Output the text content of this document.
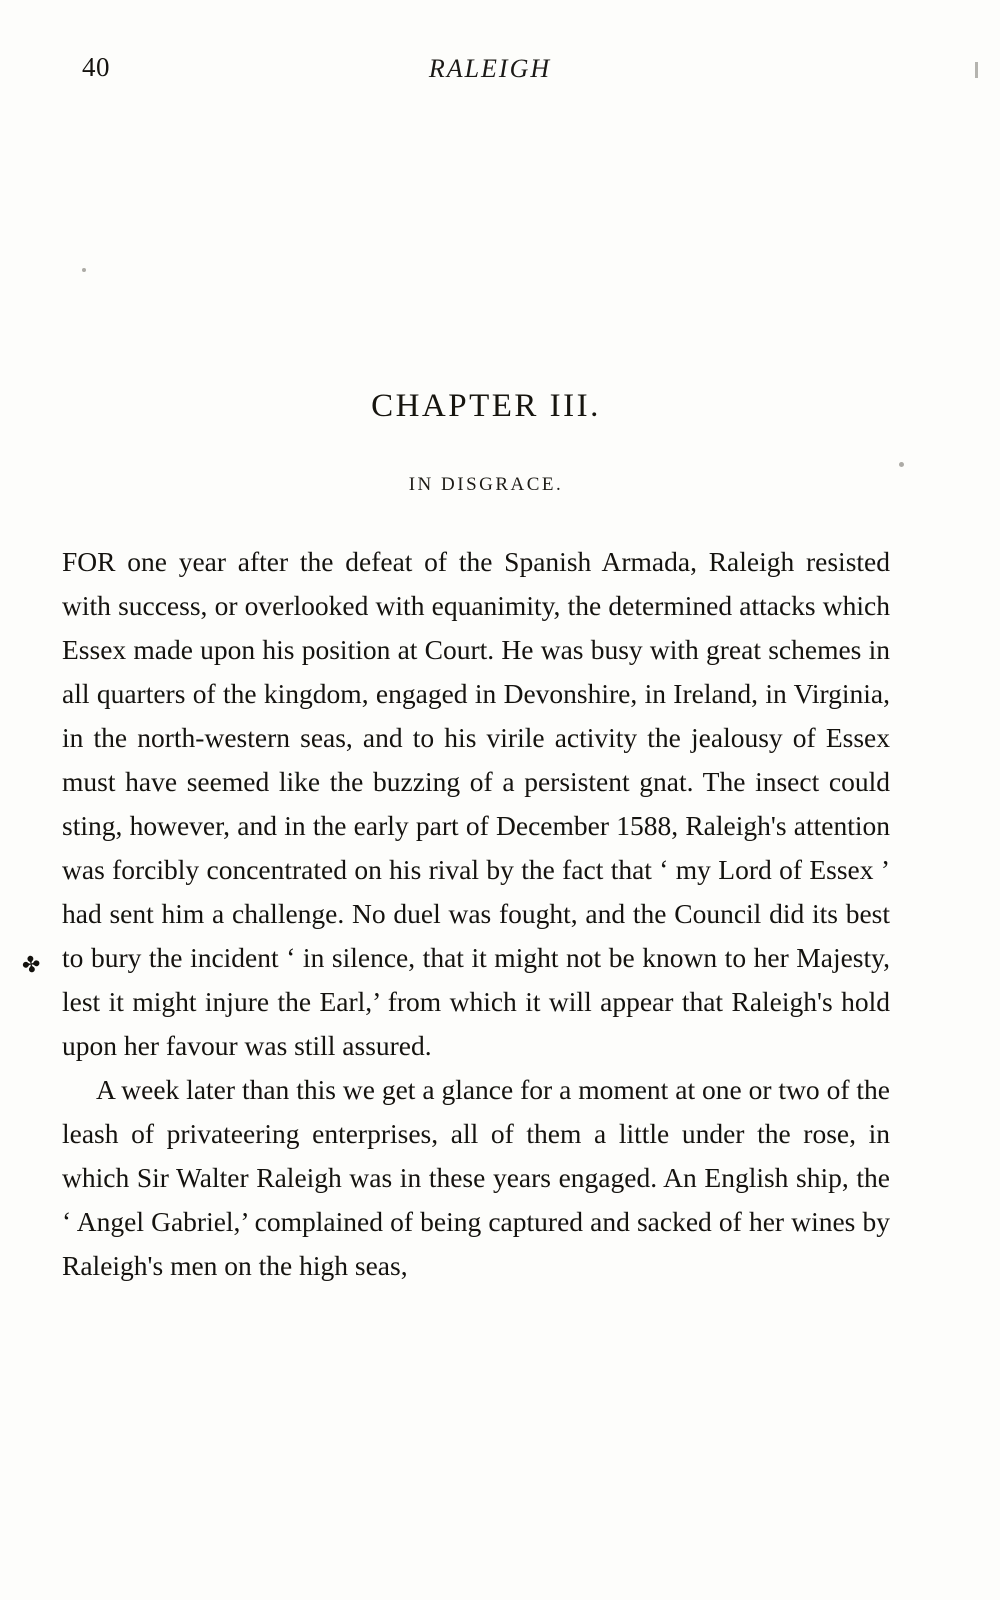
40	RALEIGH
CHAPTER III.
IN DISGRACE.
✤

FOR one year after the defeat of the Spanish Armada, Raleigh resisted with success, or overlooked with equanimity, the determined attacks which Essex made upon his position at Court. He was busy with great schemes in all quarters of the kingdom, engaged in Devonshire, in Ireland, in Virginia, in the north-western seas, and to his virile activity the jealousy of Essex must have seemed like the buzzing of a persistent gnat. The insect could sting, however, and in the early part of December 1588, Raleigh's attention was forcibly concentrated on his rival by the fact that ‘ my Lord of Essex ’ had sent him a challenge. No duel was fought, and the Council did its best to bury the incident ‘ in silence, that it might not be known to her Majesty, lest it might injure the Earl,’ from which it will appear that Raleigh's hold upon her favour was still assured.

A week later than this we get a glance for a moment at one or two of the leash of privateering enterprises, all of them a little under the rose, in which Sir Walter Raleigh was in these years engaged. An English ship, the ‘ Angel Gabriel,’ complained of being captured and sacked of her wines by Raleigh's men on the high seas,
